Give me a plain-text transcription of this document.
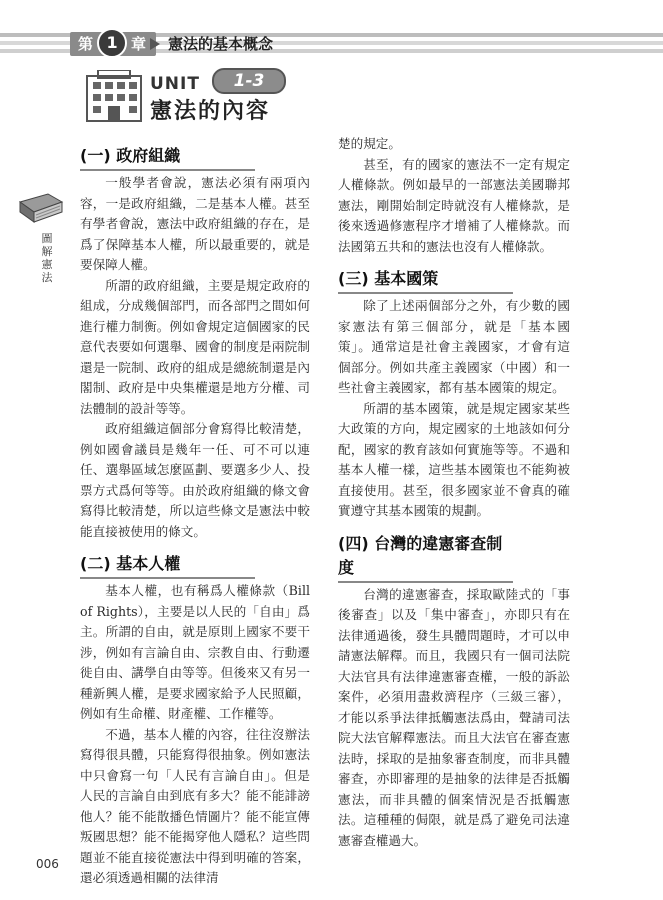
第 1 章	憲法的基本概念
UNIT	1-3
憲法的內容
圖解憲法
(一) 政府組織

一般學者會說，憲法必須有兩項內容，一是政府組織，二是基本人權。甚至有學者會說，憲法中政府組織的存在，是爲了保障基本人權，所以最重要的，就是要保障人權。

所謂的政府組織，主要是規定政府的組成，分成幾個部門，而各部門之間如何進行權力制衡。例如會規定這個國家的民意代表要如何選舉、國會的制度是兩院制還是一院制、政府的組成是總統制還是內閣制、政府是中央集權還是地方分權、司法體制的設計等等。

政府組織這個部分會寫得比較清楚，例如國會議員是幾年一任、可不可以連任、選舉區域怎麼區劃、要選多少人、投票方式爲何等等。由於政府組織的條文會寫得比較清楚，所以這些條文是憲法中較能直接被使用的條文。

(二) 基本人權

基本人權，也有稱爲人權條款（Bill of Rights），主要是以人民的「自由」爲主。所謂的自由，就是原則上國家不要干涉，例如有言論自由、宗教自由、行動遷徙自由、講學自由等等。但後來又有另一種新興人權，是要求國家給予人民照顧，例如有生命權、財產權、工作權等。

不過，基本人權的內容，往往沒辦法寫得很具體，只能寫得很抽象。例如憲法中只會寫一句「人民有言論自由」。但是人民的言論自由到底有多大？能不能誹謗他人？能不能散播色情圖片？能不能宣傳叛國思想？能不能揭穿他人隱私？這些問題並不能直接從憲法中得到明確的答案，還必須透過相關的法律清

楚的規定。

甚至，有的國家的憲法不一定有規定人權條款。例如最早的一部憲法美國聯邦憲法，剛開始制定時就沒有人權條款，是後來透過修憲程序才增補了人權條款。而法國第五共和的憲法也沒有人權條款。

(三) 基本國策

除了上述兩個部分之外，有少數的國家憲法有第三個部分，就是「基本國策」。通常這是社會主義國家，才會有這個部分。例如共產主義國家（中國）和一些社會主義國家，都有基本國策的規定。

所謂的基本國策，就是規定國家某些大政策的方向，規定國家的土地該如何分配，國家的教育該如何實施等等。不過和基本人權一樣，這些基本國策也不能夠被直接使用。甚至，很多國家並不會真的確實遵守其基本國策的規劃。

(四) 台灣的違憲審查制度

台灣的違憲審查，採取歐陸式的「事後審查」以及「集中審查」，亦即只有在法律通過後，發生具體問題時，才可以申請憲法解釋。而且，我國只有一個司法院大法官具有法律違憲審查權，一般的訴訟案件，必須用盡救濟程序（三級三審），才能以系爭法律抵觸憲法爲由，聲請司法院大法官解釋憲法。而且大法官在審查憲法時，採取的是抽象審查制度，而非具體審查，亦即審理的是抽象的法律是否抵觸憲法，而非具體的個案情況是否抵觸憲法。這種種的侷限，就是爲了避免司法違憲審查權過大。

006
